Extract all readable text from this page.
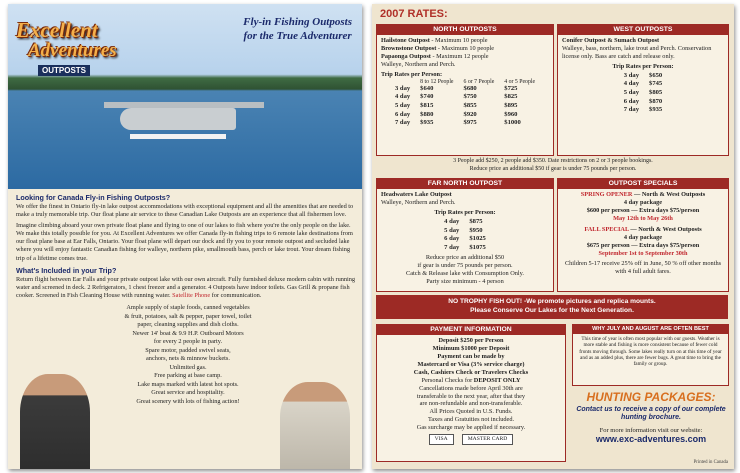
Excellent
Adventures
OUTPOSTS
Fly-in Fishing Outposts
for the True Adventurer
Looking for Canada Fly-in Fishing Outposts?

We offer the finest in Ontario fly-in lake outpost accommodations with exceptional equipment and all the amenities that are needed to make a truly memorable trip. Our float plane air service to these Canadian Lake Outposts are an experience that all fishermen love.

Imagine climbing aboard your own private float plane and flying to one of our lakes to fish where you're the only people on the lake. We make this totally possible for you. At Excellent Adventures we offer Canada fly-in fishing trips to 6 remote lake destinations from our float plane base at Ear Falls, Ontario. Your float plane will depart our dock and fly you to your remote outpost and secluded lake where you will enjoy fantastic Canadian fishing for walleye, northern pike, smallmouth bass, perch or lake trout. Your dream fishing trip of a lifetime comes true.

What's Included in your Trip?

Return flight between Ear Falls and your private outpost lake with our own aircraft. Fully furnished deluxe modern cabin with running water and screened in deck. 2 Refrigerators, 1 chest freezer and a generator. 4 Outposts have indoor toilets. Gas Grill & propane fish cooker. Screened in Fish Cleaning House with running water. Satellite Phone for communication.

Ample supply of staple foods, canned vegetables
& fruit, potatoes, salt & pepper, paper towel, toilet
paper, cleaning supplies and dish cloths.
Newer 14' boat & 9.9 H.P. Outboard Motors
for every 2 people in party.
Spare motor, padded swivel seats,
anchors, nets & minnow buckets.
Unlimited gas.
Free parking at base camp.
Lake maps marked with latest hot spots.
Great service and hospitality.
Great scenery with lots of fishing action!
2007 RATES:
NORTH OUTPOSTS
Hailstone Outpost - Maximum 10 people
Brownstone Outpost - Maximum 10 people
Papaonga Outpost - Maximum 12 people
Walleye, Northern and Perch.
Trip Rates per Person:
	8 to 12 People	6 or 7 People	4 or 5 People
3 day	$640	$680	$725
4 day	$740	$750	$825
5 day	$815	$855	$895
6 day	$880	$920	$960
7 day	$935	$975	$1000
WEST OUTPOSTS
Conifer Outpost & Sumach Outpost
Walleye, bass, northern, lake trout and Perch. Conservation license only. Bass are catch and release only.
Trip Rates per Person:
3 day	$650
4 day	$745
5 day	$805
6 day	$870
7 day	$935
3 People add $250, 2 people add $350. Date restrictions on 2 or 3 people bookings.
Reduce price an additional $50 if gear is under 75 pounds per person.
FAR NORTH OUTPOST
Headwaters Lake Outpost
Walleye, Northern and Perch.
Trip Rates per Person:
4 day	$875
5 day	$950
6 day	$1025
7 day	$1075
Reduce price an additional $50
if gear is under 75 pounds per person.
Catch & Release lake with Consumption Only.
Party size minimum - 4 person
OUTPOST SPECIALS
SPRING OPENER — North & West Outposts
4 day package
$600 per person — Extra days $75/person
May 12th to May 26th
FALL SPECIAL — North & West Outposts
4 day package
$675 per person — Extra days $75/person
September 1st to September 30th
Children 5-17 receive 25% off in June, 50 % off other months with 4 full adult fares.
NO TROPHY FISH OUT! -We promote pictures and replica mounts.
Please Conserve Our Lakes for the Next Generation.
PAYMENT INFORMATION
Deposit $250 per Person
Minimum $1000 per Deposit
Payment can be made by
Mastercard or Visa (3% service charge)
Cash, Cashiers Check or Travelers Checks
Personal Checks for DEPOSIT ONLY
Cancellations made before April 30th are
transferable to the next year, after that they
are non-refundable and non-transferable.
All Prices Quoted in U.S. Funds.
Taxes and Gratuities not included.
Gas surcharge may be applied if necessary.
VISA	MASTER CARD
WHY JULY AND AUGUST ARE OFTEN BEST
This time of year is often most popular with our guests. Weather is more stable and fishing is more consistent because of fewer cold fronts moving through. Some lakes really turn on at this time of year and as an added plus, there are fewer bugs. A great time to bring the family or group.
HUNTING PACKAGES:
Contact us to receive a copy of our complete hunting brochure.
For more information visit our website:
www.exc-adventures.com
Printed in Canada
